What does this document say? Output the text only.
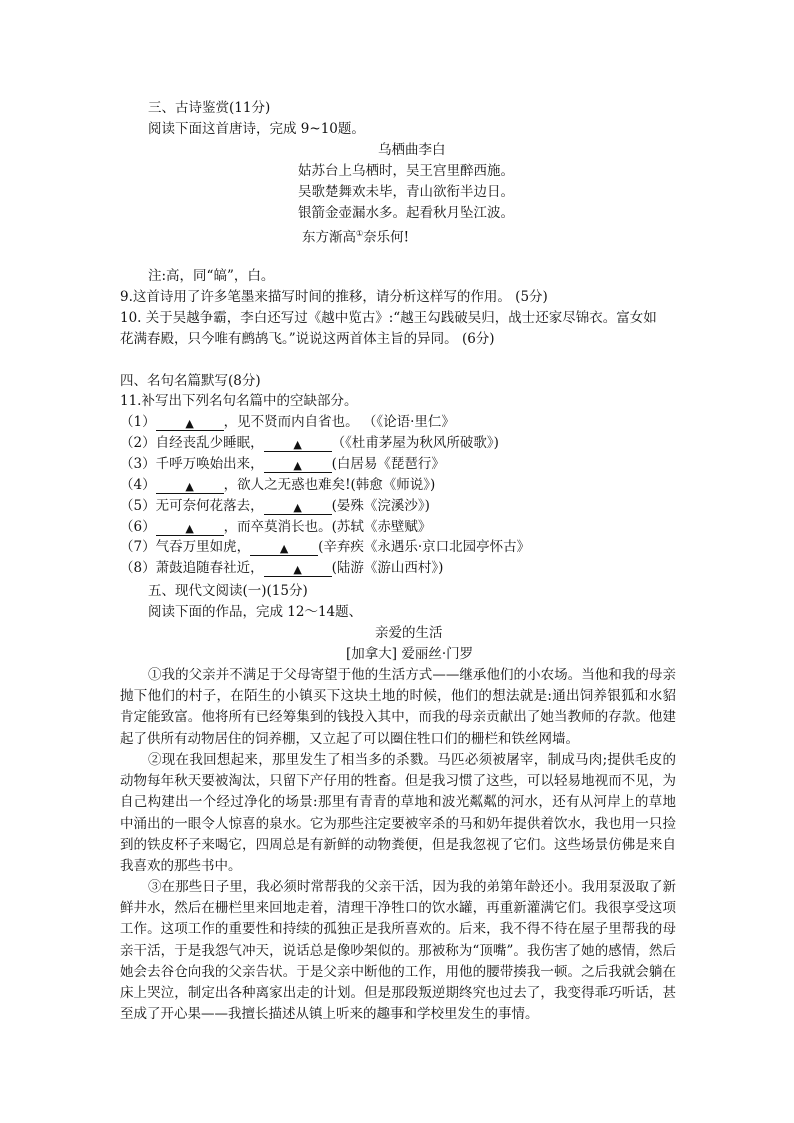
三、古诗鉴赏(11分)
阅读下面这首唐诗，完成 9~10题。
乌栖曲李白
姑苏台上乌栖时，吴王宫里醉西施。
吴歌楚舞欢未毕，青山欲衔半边日。
银箭金壶漏水多。起看秋月坠江波。
东方渐高①奈乐何!
注:高，同“皜”，白。
9.这首诗用了许多笔墨来描写时间的推移，请分析这样写的作用。 (5分)
10. 关于吴越争霸，李白还写过《越中览古》:“越王勾践破吴归，战士还家尽锦衣。富女如
花满春殿，只今唯有鹧鸪飞。”说说这两首体主旨的异同。 (6分)
四、名句名篇默写(8分)
11.补写出下列名句名篇中的空缺部分。
（1）	▲ ，见不贤而内自省也。 （《论语·里仁》
（2）自经丧乱少睡眠，	▲ （《杜甫茅屋为秋风所破歌》)
（3）千呼万唤始出来，	▲ (白居易《琵琶行》
（4）	▲ ，欲人之无惑也难矣!(韩愈《师说》)
（5）无可奈何花落去，	▲ (晏殊《浣溪沙》)
（6）	▲ ，而卒莫消长也。(苏轼《赤壁赋》
（7）气吞万里如虎，	▲ (辛弃疾《永遇乐·京口北园亭怀古》
（8）萧鼓追随春社近，	▲ (陆游《游山西村》)
五、现代文阅读(一)(15分)
阅读下面的作品，完成 12～14题、
亲爱的生活
[加拿大] 爱丽丝·门罗
①我的父亲并不满足于父母寄望于他的生活方式——继承他们的小农场。当他和我的母亲抛下他们的村子，在陌生的小镇买下这块土地的时候，他们的想法就是:通出饲养银狐和水貂肯定能致富。他将所有已经筹集到的钱投入其中，而我的母亲贡献出了她当教师的存款。他建起了供所有动物居住的饲养棚，又立起了可以圈住牲口们的栅栏和铁丝网墙。
②现在我回想起来，那里发生了相当多的杀戮。马匹必须被屠宰，制成马肉;提供毛皮的动物每年秋天要被淘汰，只留下产仔用的牲畜。但是我习惯了这些，可以轻易地视而不见，为自己构建出一个经过净化的场景:那里有青青的草地和波光粼粼的河水，还有从河岸上的草地中涌出的一眼令人惊喜的泉水。它为那些注定要被宰杀的马和奶年提供着饮水，我也用一只捡到的铁皮杯子来喝它，四周总是有新鲜的动物粪便，但是我忽视了它们。这些场景仿佛是来自我喜欢的那些书中。
③在那些日子里，我必须时常帮我的父亲干活，因为我的弟第年龄还小。我用泵汲取了新鲜井水，然后在栅栏里来回地走着，清理干净牲口的饮水罐，再重新灌满它们。我很享受这项工作。这项工作的重要性和持续的孤独正是我所喜欢的。后来，我不得不待在屋子里帮我的母亲干活，于是我怨气冲天，说话总是像吵架似的。那被称为“顶嘴”。我伤害了她的感情，然后她会去谷仓向我的父亲告状。于是父亲中断他的工作，用他的腰带揍我一顿。之后我就会躺在床上哭泣，制定出各种离家出走的计划。但是那段叛逆期终究也过去了，我变得乖巧听话，甚至成了开心果——我擅长描述从镇上听来的趣事和学校里发生的事情。
